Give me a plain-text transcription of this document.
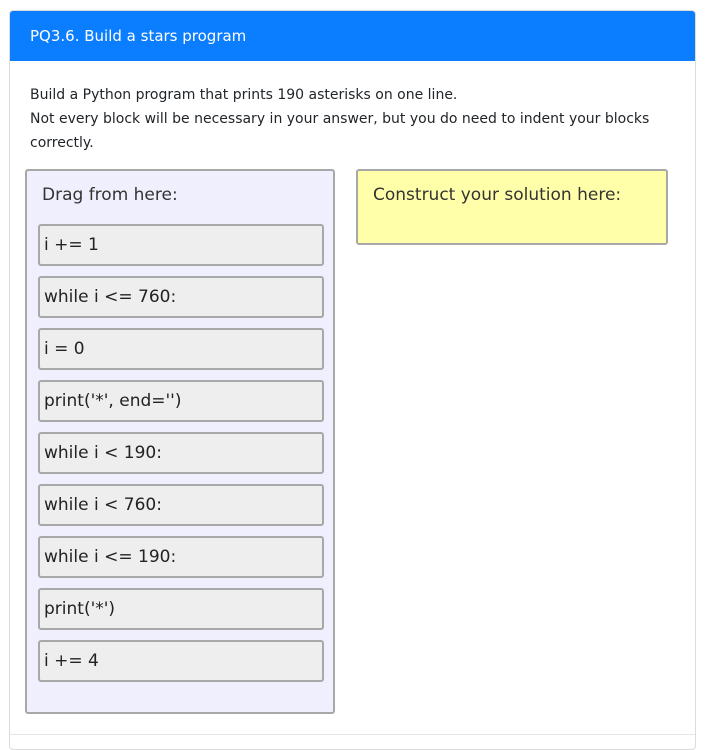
PQ3.6. Build a stars program

Build a Python program that prints 190 asterisks on one line.

Not every block will be necessary in your answer, but you do need to indent your blocks correctly.

Drag from here:
i += 1
while i <= 760:
i = 0
print('*', end='')
while i < 190:
while i < 760:
while i <= 190:
print('*')
i += 4
Construct your solution here:
